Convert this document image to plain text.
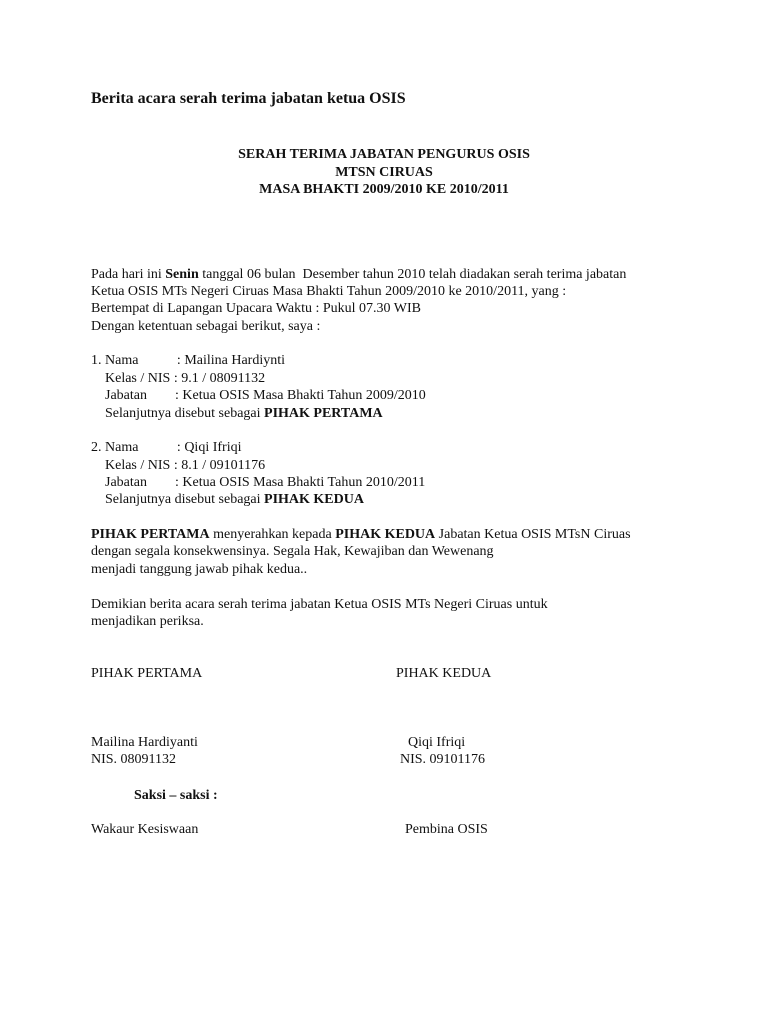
Berita acara serah terima jabatan ketua OSIS
SERAH TERIMA JABATAN PENGURUS OSIS
MTSN CIRUAS
MASA BHAKTI 2009/2010 KE 2010/2011
Pada hari ini Senin tanggal 06 bulan  Desember tahun 2010 telah diadakan serah terima jabatan
Ketua OSIS MTs Negeri Ciruas Masa Bhakti Tahun 2009/2010 ke 2010/2011, yang :
Bertempat di Lapangan Upacara Waktu : Pukul 07.30 WIB
Dengan ketentuan sebagai berikut, saya :
1. Nama           : Mailina Hardiynti
Kelas / NIS : 9.1 / 08091132
Jabatan        : Ketua OSIS Masa Bhakti Tahun 2009/2010
Selanjutnya disebut sebagai PIHAK PERTAMA
2. Nama           : Qiqi Ifriqi
Kelas / NIS : 8.1 / 09101176
Jabatan        : Ketua OSIS Masa Bhakti Tahun 2010/2011
Selanjutnya disebut sebagai PIHAK KEDUA
PIHAK PERTAMA menyerahkan kepada PIHAK KEDUA Jabatan Ketua OSIS MTsN Ciruas
dengan segala konsekwensinya. Segala Hak, Kewajiban dan Wewenang
menjadi tanggung jawab pihak kedua..
Demikian berita acara serah terima jabatan Ketua OSIS MTs Negeri Ciruas untuk
menjadikan periksa.
PIHAK PERTAMA	PIHAK KEDUA
Mailina Hardiyanti	Qiqi Ifriqi
NIS. 08091132	NIS. 09101176
Saksi – saksi :
Wakaur Kesiswaan	Pembina OSIS
